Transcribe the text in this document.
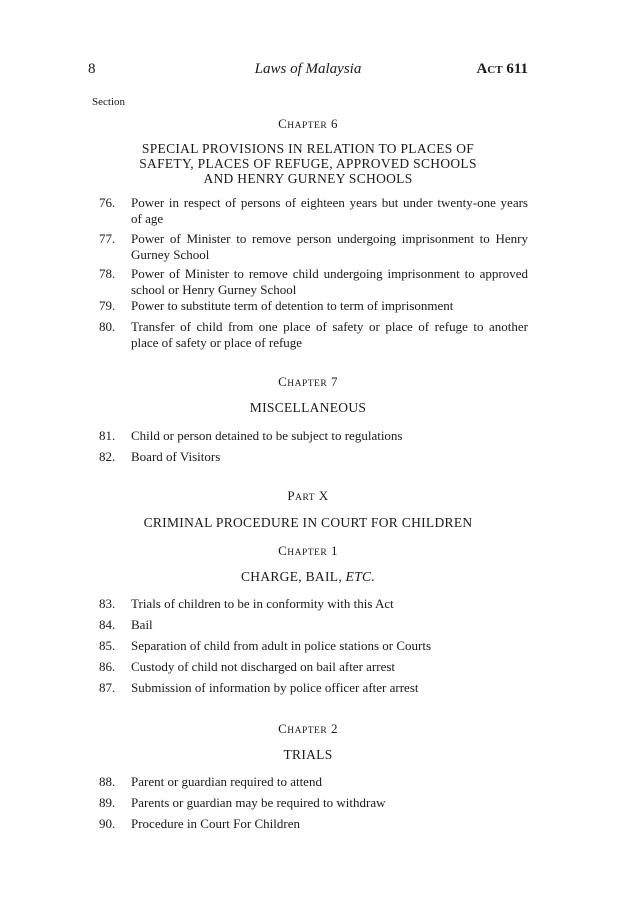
8	Laws of Malaysia	ACT 611
Section
CHAPTER 6
SPECIAL PROVISIONS IN RELATION TO PLACES OF
SAFETY, PLACES OF REFUGE, APPROVED SCHOOLS
AND HENRY GURNEY SCHOOLS
76. Power in respect of persons of eighteen years but under twenty-one years
of age
77. Power of Minister to remove person undergoing imprisonment to Henry
Gurney School
78. Power of Minister to remove child undergoing imprisonment to approved
school or Henry Gurney School
79. Power to substitute term of detention to term of imprisonment
80. Transfer of child from one place of safety or place of refuge to another
place of safety or place of refuge
CHAPTER 7
MISCELLANEOUS
81. Child or person detained to be subject to regulations
82. Board of Visitors
PART X
CRIMINAL PROCEDURE IN COURT FOR CHILDREN
CHAPTER 1
CHARGE, BAIL, ETC.
83. Trials of children to be in conformity with this Act
84. Bail
85. Separation of child from adult in police stations or Courts
86. Custody of child not discharged on bail after arrest
87. Submission of information by police officer after arrest
CHAPTER 2
TRIALS
88. Parent or guardian required to attend
89. Parents or guardian may be required to withdraw
90. Procedure in Court For Children
